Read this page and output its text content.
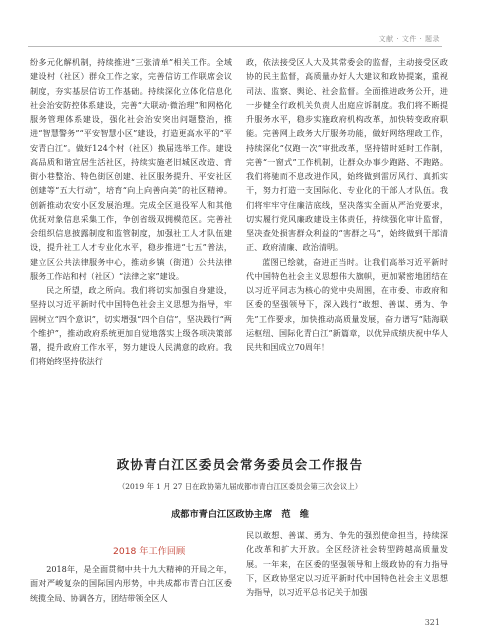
文献 · 文件 · 题录

纷多元化解机制，持续推进“三张清单”相关工作。全域建设村（社区）群众工作之家，完善信访工作联席会议制度，夯实基层信访工作基础。持续深化立体化信息化社会治安防控体系建设，完善“大联动·微治理”和网格化服务管理体系建设，强化社会治安突出问题整治，推进“智慧警务”“平安智慧小区”建设，打造更高水平的“平安青白江”。做好124个村（社区）换届选举工作。建设高品质和谐宜居生活社区，持续实施老旧城区改造、背街小巷整治、特色街区创建、社区服务提升、平安社区创建等“五大行动”，培育“向上向善向美”的社区精神。创新推动农安小区发展治理。完成全区退役军人和其他优抚对象信息采集工作，争创省级双拥模范区。完善社会组织信息披露制度和监管制度，加强社工人才队伍建设，提升社工人才专业化水平，稳步推进“七五”普法，建立区公共法律服务中心，推动乡镇（街道）公共法律服务工作站和村（社区）“法律之家”建设。

民之所望，政之所向。我们将切实加强自身建设，坚持以习近平新时代中国特色社会主义思想为指导，牢固树立“四个意识”，切实增强“四个自信”，坚决践行“两个维护”，推动政府系统更加自觉地落实上级各项决策部署，提升政府工作水平，努力建设人民满意的政府。我们将始终坚持依法行

政，依法接受区人大及其常委会的监督，主动接受区政协的民主监督，高质量办好人大建议和政协提案，重视司法、监察、舆论、社会监督。全面推进政务公开，进一步健全行政机关负责人出庭应诉制度。我们将不断提升服务水平，稳步实施政府机构改革，加快转变政府职能。完善网上政务大厅服务功能，做好网络理政工作，持续深化“仅跑一次”审批改革，坚持错时延时工作制，完善“一窗式”工作机制，让群众办事少跑路、不跑路。我们将驰而不息改进作风，始终做到雷厉风行、真抓实干，努力打造一支国际化、专业化的干部人才队伍。我们将牢牢守住廉洁底线，坚决落实全面从严治党要求，切实履行党风廉政建设主体责任，持续强化审计监督，坚决查处损害群众利益的“害群之马”，始终做到干部清正、政府清廉、政治清明。

蓝图已绘就，奋进正当时。让我们高举习近平新时代中国特色社会主义思想伟大旗帜，更加紧密地团结在以习近平同志为核心的党中央周围，在市委、市政府和区委的坚强领导下，深入践行“敢想、善谋、勇为、争先”工作要求，加快推动高质量发展，奋力谱写“陆海联运枢纽、国际化青白江”新篇章，以优异成绩庆祝中华人民共和国成立70周年！

政协青白江区委员会常务委员会工作报告
（2019 年 1 月 27 日在政协第九届成都市青白江区委员会第三次会议上）
成都市青白江区政协主席　范　维
2018 年工作回顾

2018年，是全面贯彻中共十九大精神的开局之年，面对严峻复杂的国际国内形势，中共成都市青白江区委统揽全局、协调各方，团结带领全区人

民以敢想、善谋、勇为、争先的强烈使命担当，持续深化改革和扩大开放。全区经济社会转型跨越高质量发展。一年来，在区委的坚强领导和上级政协的有力指导下，区政协坚定以习近平新时代中国特色社会主义思想为指导，以习近平总书记关于加强

321
